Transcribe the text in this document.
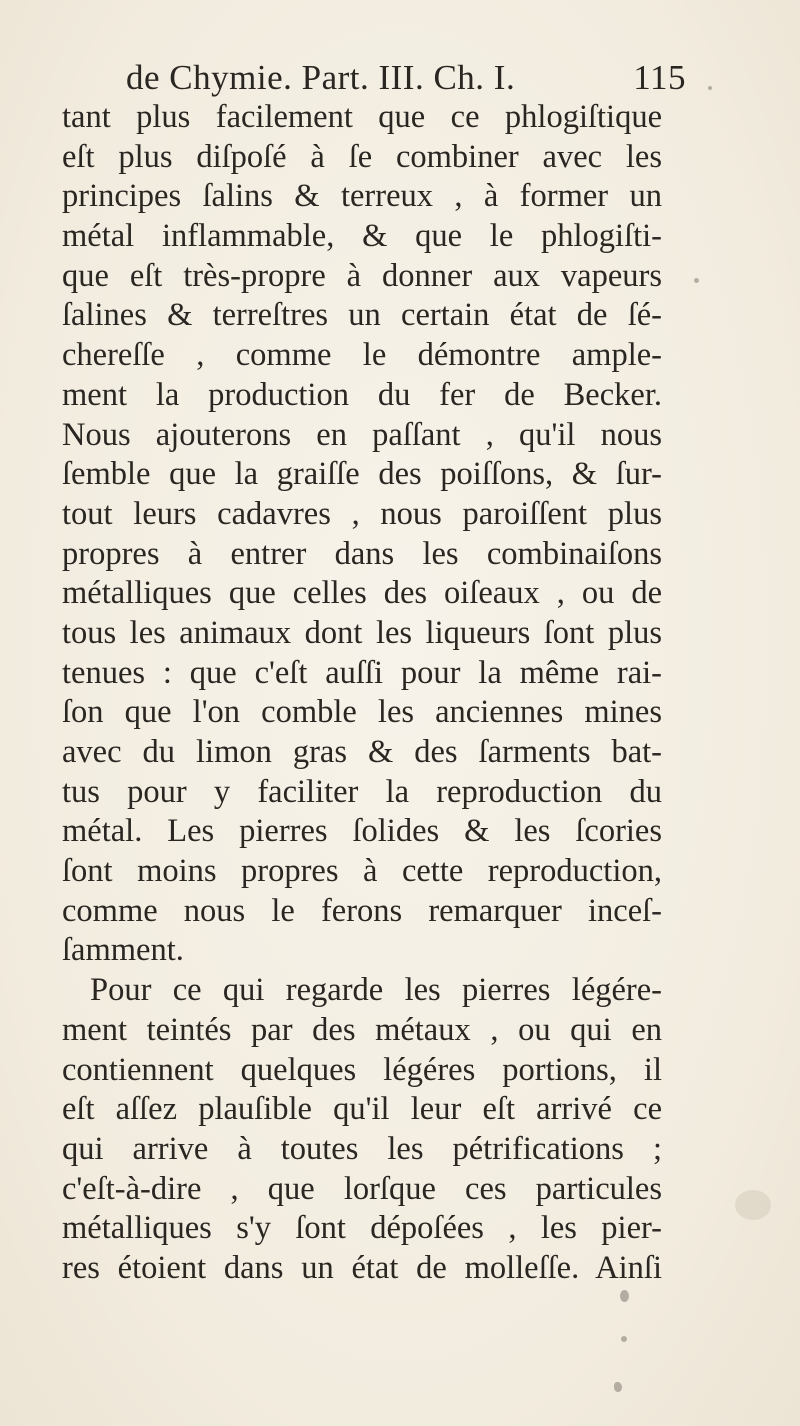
de Chymie. Part. III. Ch. I.	115
tant plus facilement que ce phlogiſtique
eſt plus diſpoſé à ſe combiner avec les
principes ſalins & terreux , à former un
métal inflammable, & que le phlogiſti-
que eſt très-propre à donner aux vapeurs
ſalines & terreſtres un certain état de ſé-
chereſſe , comme le démontre ample-
ment la production du fer de Becker.
Nous ajouterons en paſſant , qu'il nous
ſemble que la graiſſe des poiſſons, & ſur-
tout leurs cadavres , nous paroiſſent plus
propres à entrer dans les combinaiſons
métalliques que celles des oiſeaux , ou de
tous les animaux dont les liqueurs ſont plus
tenues : que c'eſt auſſi pour la même rai-
ſon que l'on comble les anciennes mines
avec du limon gras & des ſarments bat-
tus pour y faciliter la reproduction du
métal. Les pierres ſolides & les ſcories
ſont moins propres à cette reproduction,
comme nous le ferons remarquer inceſ-
ſamment.
Pour ce qui regarde les pierres légére-
ment teintés par des métaux , ou qui en
contiennent quelques légéres portions, il
eſt aſſez plauſible qu'il leur eſt arrivé ce
qui arrive à toutes les pétrifications ;
c'eſt-à-dire , que lorſque ces particules
métalliques s'y ſont dépoſées , les pier-
res étoient dans un état de molleſſe. Ainſi
